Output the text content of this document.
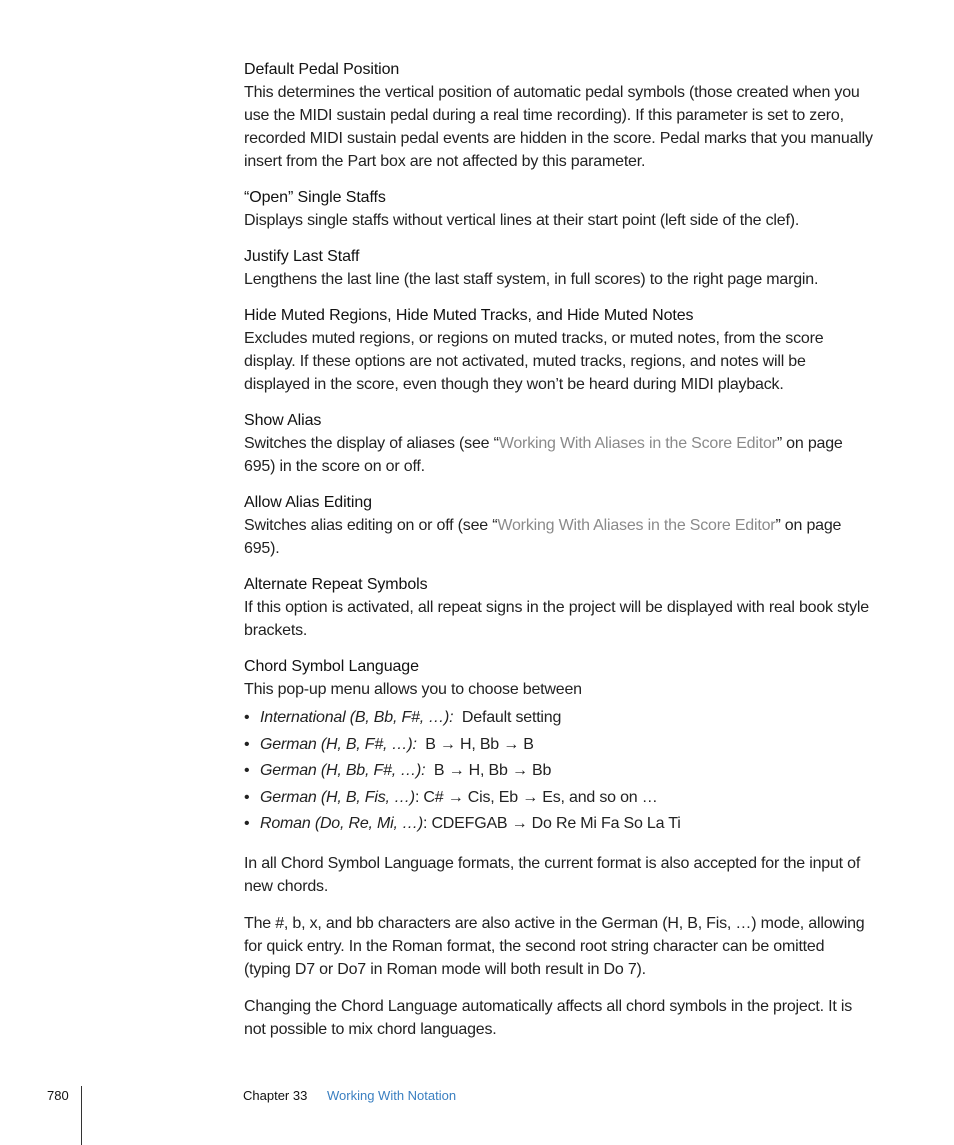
Default Pedal Position

This determines the vertical position of automatic pedal symbols (those created when you use the MIDI sustain pedal during a real time recording). If this parameter is set to zero, recorded MIDI sustain pedal events are hidden in the score. Pedal marks that you manually insert from the Part box are not affected by this parameter.

“Open” Single Staffs

Displays single staffs without vertical lines at their start point (left side of the clef).

Justify Last Staff

Lengthens the last line (the last staff system, in full scores) to the right page margin.

Hide Muted Regions, Hide Muted Tracks, and Hide Muted Notes

Excludes muted regions, or regions on muted tracks, or muted notes, from the score display. If these options are not activated, muted tracks, regions, and notes will be displayed in the score, even though they won’t be heard during MIDI playback.

Show Alias

Switches the display of aliases (see “Working With Aliases in the Score Editor” on page 695) in the score on or off.

Allow Alias Editing

Switches alias editing on or off (see “Working With Aliases in the Score Editor” on page 695).

Alternate Repeat Symbols

If this option is activated, all repeat signs in the project will be displayed with real book style brackets.

Chord Symbol Language

This pop-up menu allows you to choose between

• International (B, Bb, F#, …): Default setting
• German (H, B, F#, …): B → H, Bb → B
• German (H, Bb, F#, …): B → H, Bb → Bb
• German (H, B, Fis, …): C# → Cis, Eb → Es, and so on …
• Roman (Do, Re, Mi, …): CDEFGAB → Do Re Mi Fa So La Ti

In all Chord Symbol Language formats, the current format is also accepted for the input of new chords.

The #, b, x, and bb characters are also active in the German (H, B, Fis, …) mode, allowing for quick entry. In the Roman format, the second root string character can be omitted (typing D7 or Do7 in Roman mode will both result in Do 7).

Changing the Chord Language automatically affects all chord symbols in the project. It is not possible to mix chord languages.

780	Chapter 33 Working With Notation
